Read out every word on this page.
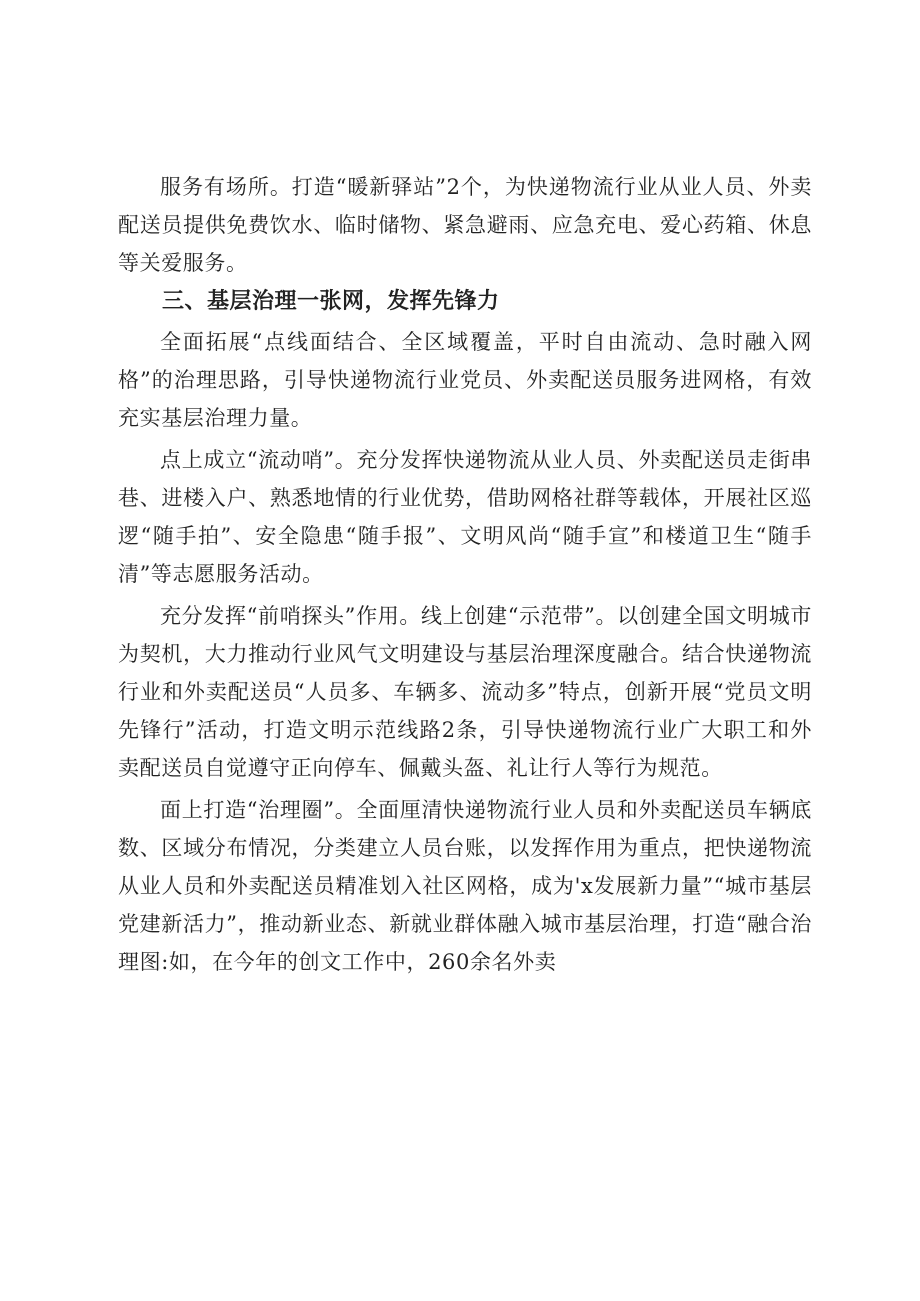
服务有场所。打造“暖新驿站”2个，为快递物流行业从业人员、外卖配送员提供免费饮水、临时储物、紧急避雨、应急充电、爱心药箱、休息等关爱服务。

三、基层治理一张网，发挥先锋力

全面拓展“点线面结合、全区域覆盖，平时自由流动、急时融入网格”的治理思路，引导快递物流行业党员、外卖配送员服务进网格，有效充实基层治理力量。

点上成立“流动哨”。充分发挥快递物流从业人员、外卖配送员走街串巷、进楼入户、熟悉地情的行业优势，借助网格社群等载体，开展社区巡逻“随手拍”、安全隐患“随手报”、文明风尚“随手宣”和楼道卫生“随手清”等志愿服务活动。

充分发挥“前哨探头”作用。线上创建“示范带”。以创建全国文明城市为契机，大力推动行业风气文明建设与基层治理深度融合。结合快递物流行业和外卖配送员“人员多、车辆多、流动多”特点，创新开展“党员文明先锋行”活动，打造文明示范线路2条，引导快递物流行业广大职工和外卖配送员自觉遵守正向停车、佩戴头盔、礼让行人等行为规范。

面上打造“治理圈”。全面厘清快递物流行业人员和外卖配送员车辆底数、区域分布情况，分类建立人员台账，以发挥作用为重点，把快递物流从业人员和外卖配送员精准划入社区网格，成为'x发展新力量”“城市基层党建新活力”，推动新业态、新就业群体融入城市基层治理，打造“融合治理图:如，在今年的创文工作中，260余名外卖
